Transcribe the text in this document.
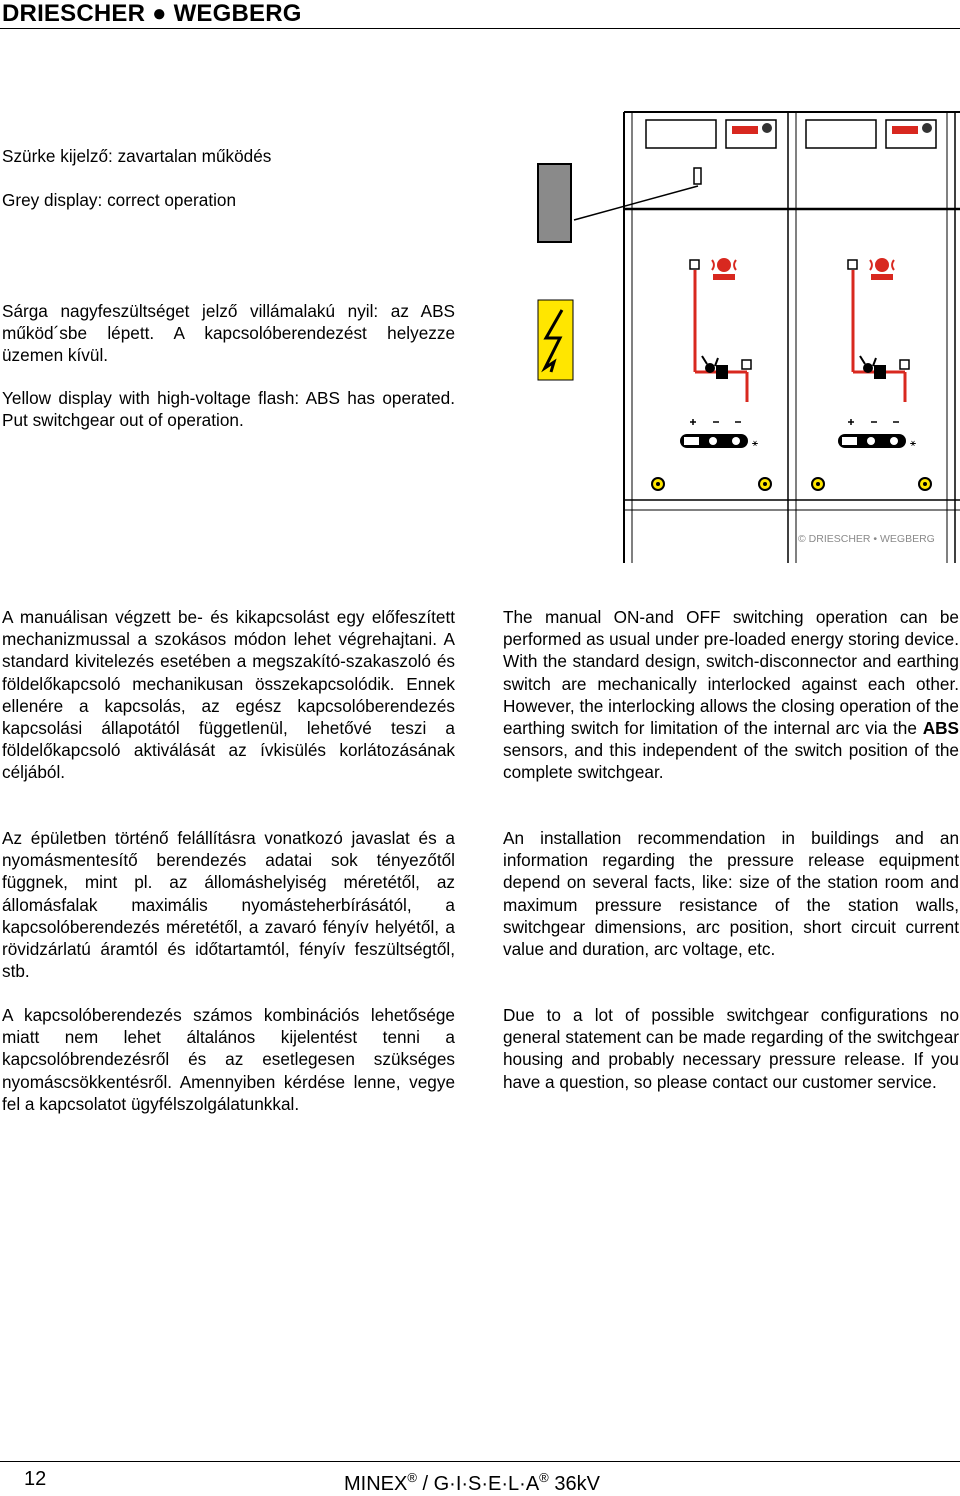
DRIESCHER ● WEGBERG
Szürke kijelző: zavartalan működés
Grey display: correct operation
Sárga nagyfeszültséget jelző villámalakú nyil: az ABS működ´sbe lépett. A kapcsolóberendezést helyezze üzemen kívül.
Yellow display with high-voltage flash: ABS has operated. Put switchgear out of operation.
⚹	⚹
© DRIESCHER • WEGBERG
A manuálisan végzett be- és kikapcsolást egy előfeszített mechanizmussal a szokásos módon lehet végrehajtani. A standard kivitelezés esetében a megszakító-szakaszoló és földelőkapcsoló mechanikusan összekapcsolódik. Ennek ellenére a kapcsolás, az egész kapcsolóberendezés kapcsolási állapotától függetlenül, lehetővé teszi a földelőkapcsoló aktiválását az ívkisülés korlátozásának céljából.
Az épületben történő felállításra vonatkozó javaslat és a nyomásmentesítő berendezés adatai sok tényezőtől függnek, mint pl. az állomáshelyiség méretétől, az állomásfalak maximális nyomásteherbírásától, a kapcsolóberendezés méretétől, a zavaró fényív helyétől, a rövidzárlatú áramtól és időtartamtól, fényív feszültségtől, stb.
A kapcsolóberendezés számos kombinációs lehetősége miatt nem lehet általános kijelentést tenni a kapcsolóbrendezésről és az esetlegesen szükséges nyomáscsökkentésről. Amennyiben kérdése lenne, vegye fel a kapcsolatot ügyfélszolgálatunkkal.
The manual ON-and OFF switching operation can be performed as usual under pre-loaded energy storing device. With the standard design, switch-disconnector and earthing switch are mechanically interlocked against each other. However, the interlocking allows the closing operation of the earthing switch for limitation of the internal arc via the ABS sensors, and this independent of the switch position of the complete switchgear.
An installation recommendation in buildings and an information regarding the pressure release equipment depend on several facts, like: size of the station room and maximum pressure resistance of the station walls, switchgear dimensions, arc position, short circuit current value and duration, arc voltage, etc.
Due to a lot of possible switchgear configurations no general statement can be made regarding of the switchgear housing and probably necessary pressure release. If you have a question, so please contact our customer service.
12	MINEX® / G·I·S·E·L·A® 36kV
